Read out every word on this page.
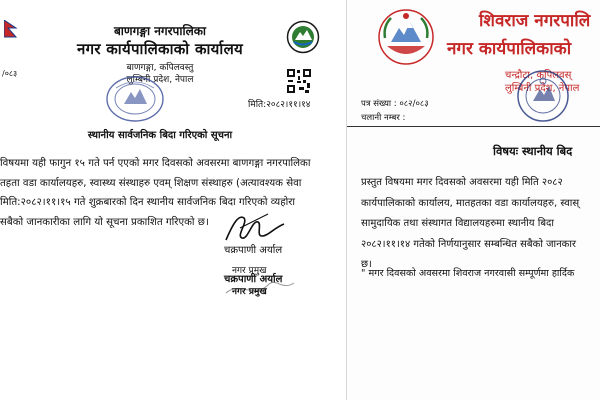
बाणगङ्गा नगरपालिका
नगर कार्यपालिकाको कार्यालय
बाणगङ्गा, कपिलवस्तु
लुम्बिनी प्रदेश, नेपाल
/०८३
मिति:२०८२।११।१४
स्थानीय सार्वजनिक बिदा गरिएको सूचना
विषयमा यही फागुन १५ गते पर्न एएको मगर दिवसको अवसरमा बाणगङ्गा नगरपालिका
तहता वडा कार्यालयहरु, स्वास्थ्य संस्थाहरु एवम् शिक्षण संस्थाहरु (अत्यावश्यक सेवा
मिति:२०८२।११।१५ गते शुक्रबारको दिन स्थानीय सार्वजनिक बिदा गरिएको व्यहोरा
सबैको जानकारीका लागि यो सूचना प्रकाशित गरिएको छ।
चक्रपाणी अर्याल
नगर प्रमुख
चक्रपाणी अर्याल
नगर प्रमुख
शिवराज नगरपालि
नगर कार्यपालिकाको
चन्द्रौटा, कपिलवस्
लुम्बिनी प्रदेश, नेपाल
पत्र संख्या : ०८२/०८३
चलानी नम्बर :
विषयः स्थानीय बिद
प्रस्तुत विषयमा मगर दिवसको अवसरमा यही मिति २०८२
कार्यपालिकाको कार्यालय, मातहतका वडा कार्यालयहरु, स्वास्
सामुदायिक तथा संस्थागत विद्यालयहरुमा स्थानीय बिदा
२०८२।११।१४ गतेको निर्णयानुसार सम्बन्धित सबैको जानकार
छ।
" मगर दिवसको अवसरमा शिवराज नगरवासी सम्पूर्णमा हार्दिक
